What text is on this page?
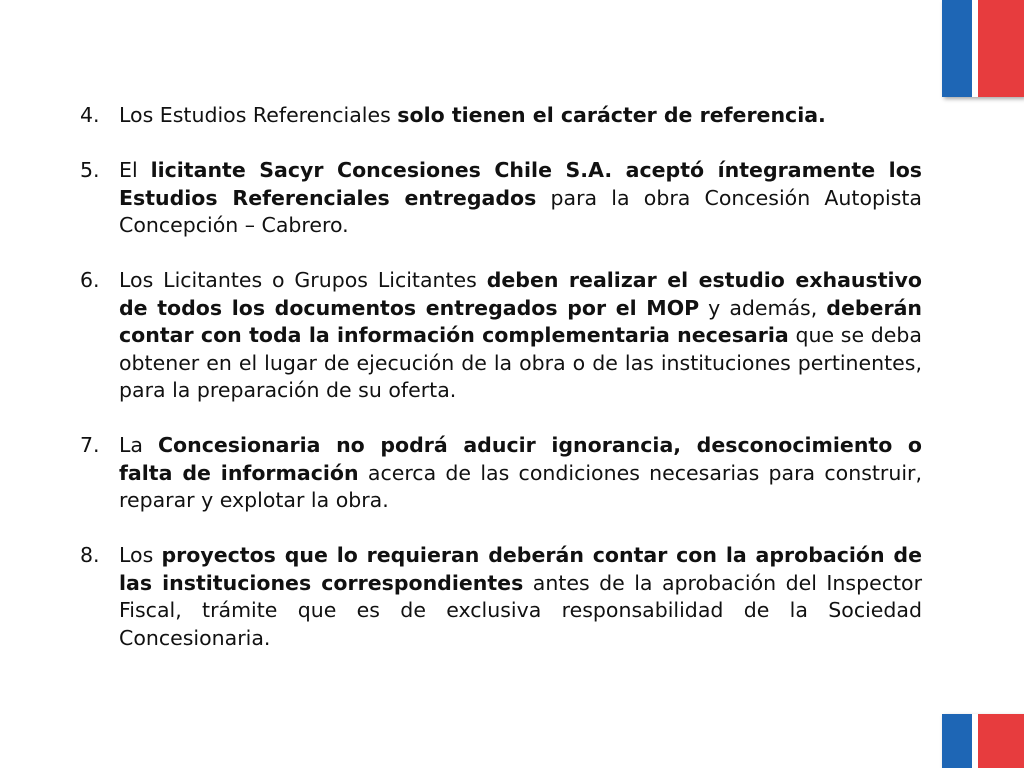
4. Los Estudios Referenciales solo tienen el carácter de referencia.
5. El licitante Sacyr Concesiones Chile S.A. aceptó íntegramente los Estudios Referenciales entregados para la obra Concesión Autopista Concepción – Cabrero.
6. Los Licitantes o Grupos Licitantes deben realizar el estudio exhaustivo de todos los documentos entregados por el MOP y además, deberán contar con toda la información complementaria necesaria que se deba obtener en el lugar de ejecución de la obra o de las instituciones pertinentes, para la preparación de su oferta.
7. La Concesionaria no podrá aducir ignorancia, desconocimiento o falta de información acerca de las condiciones necesarias para construir, reparar y explotar la obra.
8. Los proyectos que lo requieran deberán contar con la aprobación de las instituciones correspondientes antes de la aprobación del Inspector Fiscal, trámite que es de exclusiva responsabilidad de la Sociedad Concesionaria.
